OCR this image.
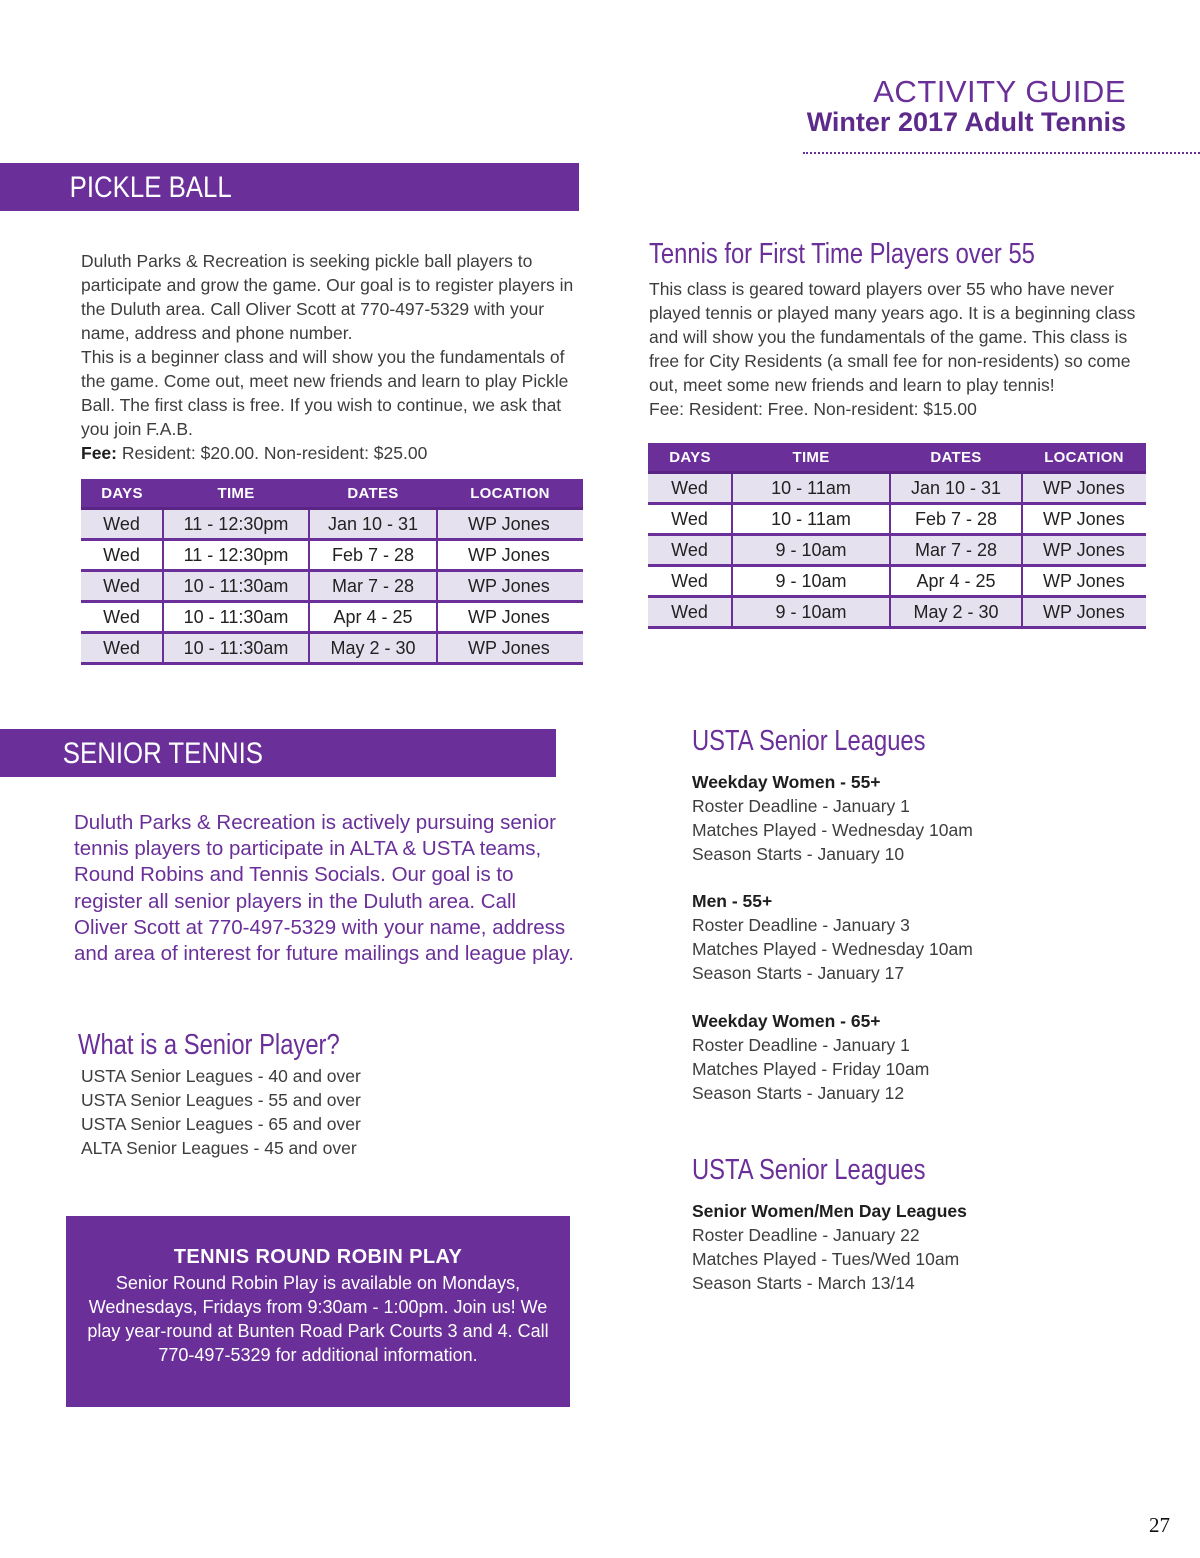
ACTIVITY GUIDE
Winter 2017 Adult Tennis
PICKLE BALL
Duluth Parks & Recreation is seeking pickle ball players to participate and grow the game. Our goal is to register players in the Duluth area. Call Oliver Scott at 770-497-5329 with your name, address and phone number.
This is a beginner class and will show you the fundamentals of the game. Come out, meet new friends and learn to play Pickle Ball. The first class is free. If you wish to continue, we ask that you join F.A.B.
Fee: Resident: $20.00. Non-resident: $25.00
DAYS	TIME	DATES	LOCATION
Wed	11 - 12:30pm	Jan 10 - 31	WP Jones
Wed	11 - 12:30pm	Feb 7 - 28	WP Jones
Wed	10 - 11:30am	Mar 7 - 28	WP Jones
Wed	10 - 11:30am	Apr 4 - 25	WP Jones
Wed	10 - 11:30am	May 2 - 30	WP Jones
Tennis for First Time Players over 55
This class is geared toward players over 55 who have never played tennis or played many years ago. It is a beginning class and will show you the fundamentals of the game. This class is free for City Residents (a small fee for non-residents) so come out, meet some new friends and learn to play tennis!
Fee: Resident: Free. Non-resident: $15.00
DAYS	TIME	DATES	LOCATION
Wed	10 - 11am	Jan 10 - 31	WP Jones
Wed	10 - 11am	Feb 7 - 28	WP Jones
Wed	9 - 10am	Mar 7 - 28	WP Jones
Wed	9 - 10am	Apr 4 - 25	WP Jones
Wed	9 - 10am	May 2 - 30	WP Jones
SENIOR TENNIS
Duluth Parks & Recreation is actively pursuing senior tennis players to participate in ALTA & USTA teams, Round Robins and Tennis Socials. Our goal is to register all senior players in the Duluth area. Call Oliver Scott at 770-497-5329 with your name, address and area of interest for future mailings and league play.
What is a Senior Player?
USTA Senior Leagues - 40 and over
USTA Senior Leagues - 55 and over
USTA Senior Leagues - 65 and over
ALTA Senior Leagues - 45 and over
TENNIS ROUND ROBIN PLAY
Senior Round Robin Play is available on Mondays, Wednesdays, Fridays from 9:30am - 1:00pm. Join us! We play year-round at Bunten Road Park Courts 3 and 4. Call 770-497-5329 for additional information.
USTA Senior Leagues
Weekday Women - 55+
Roster Deadline - January 1
Matches Played - Wednesday 10am
Season Starts - January 10
Men - 55+
Roster Deadline - January 3
Matches Played - Wednesday 10am
Season Starts - January 17
Weekday Women - 65+
Roster Deadline - January 1
Matches Played - Friday 10am
Season Starts - January 12
USTA Senior Leagues
Senior Women/Men Day Leagues
Roster Deadline - January 22
Matches Played - Tues/Wed 10am
Season Starts - March 13/14
27
